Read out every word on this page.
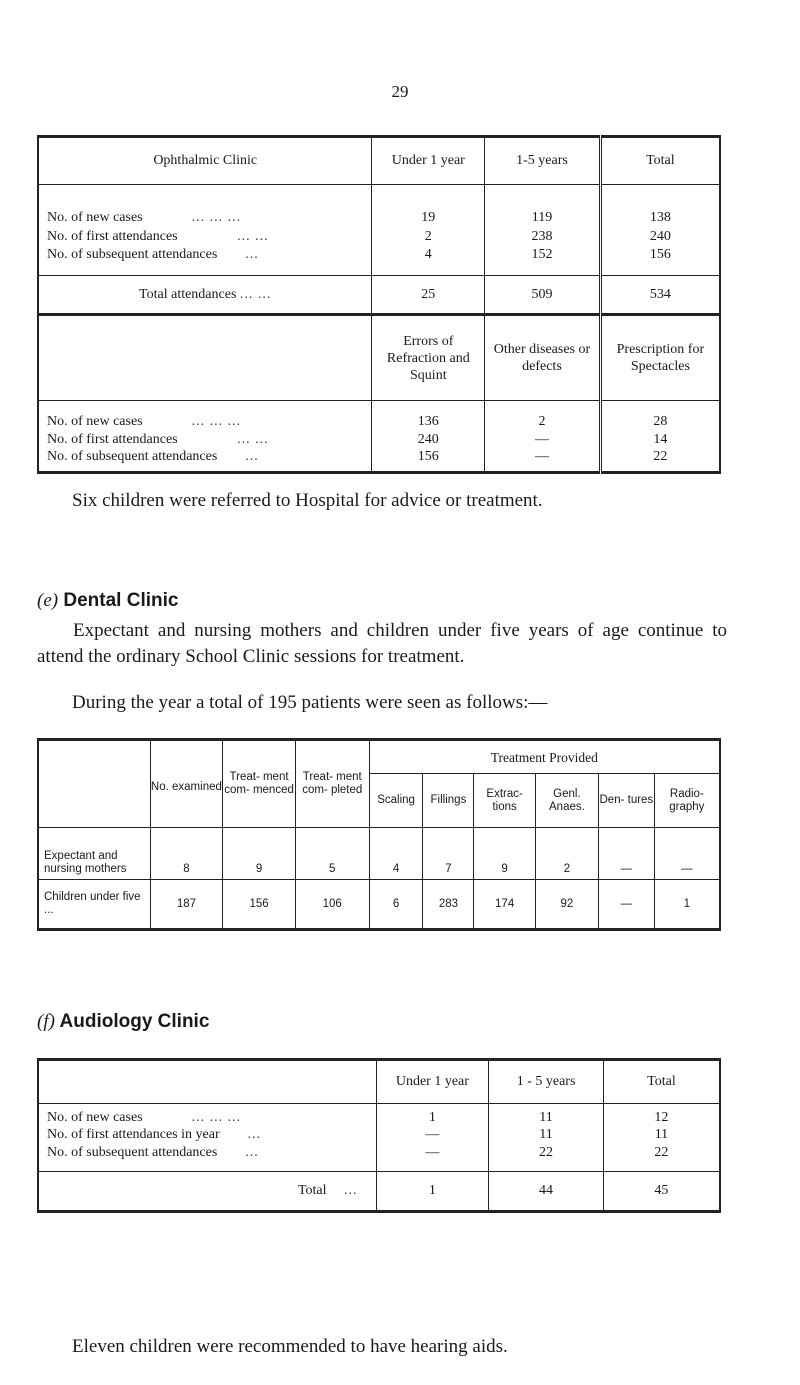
29
Ophthalmic Clinic	Under 1 year	1-5 years	Total

No. of new cases ... ... ...	19	119	138
No. of first attendances ... ...	2	238	240
No. of subsequent attendances ...	4	152	156
Total attendances ... ...	25	509	534
	Errors of Refraction and Squint	Other diseases or defects	Prescription for Spectacles

No. of new cases ... ... ...	136	2	28
No. of first attendances ... ...	240	—	14
No. of subsequent attendances ...	156	—	22
Six children were referred to Hospital for advice or treatment.
(e) Dental Clinic
Expectant and nursing mothers and children under five years of age continue to attend the ordinary School Clinic sessions for treatment.
During the year a total of 195 patients were seen as follows:—
	No. examined	Treat- ment com- menced	Treat- ment com- pleted	Treatment Provided					
				Scaling	Fillings	Extrac- tions	Genl. Anaes.	Den- tures	Radio- graphy
Expectant and nursing mothers	8	9	5	4	7	9	2	—	—
Children under five ...	187	156	106	6	283	174	92	—	1
(f) Audiology Clinic
	Under 1 year	1 - 5 years	Total
No. of new cases ... ... ...	1	11	12
No. of first attendances in year ...	—	11	11
No. of subsequent attendances ...	—	22	22
Total ...	1	44	45
Eleven children were recommended to have hearing aids.
